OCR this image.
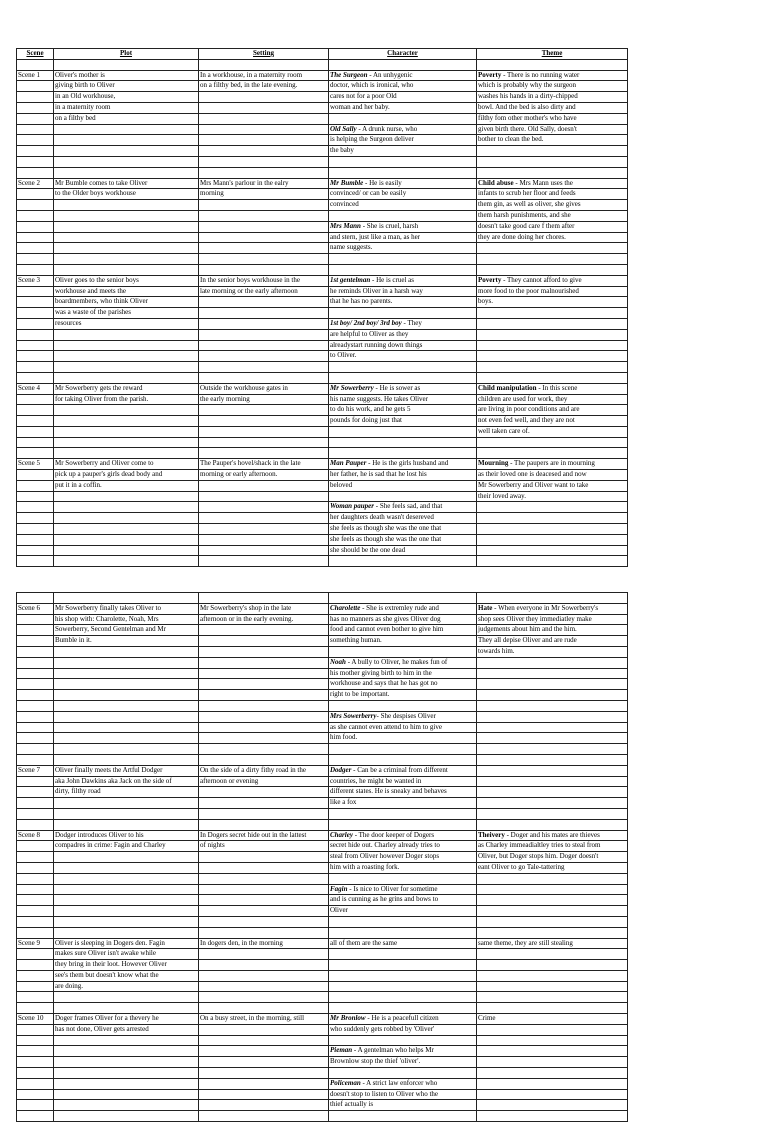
Scene	Plot	Setting	Character	Theme

Scene 1	Oliver's mother is	In a workhouse, in a maternity room	The Surgeon - An unhygenic	Poverty - There is no running water
	giving birth to Oliver	on a filthy bed, in the late evening.	doctor, which is ironical, who	which is probably why the surgeon
	in an Old workhouse,		cares not for a poor Old	washes his hands in a dirty-chipped
	in a maternity room		woman and her baby.	bowl. And the bed is also dirty and
	on a filthy bed			filthy fom other mother's who have
			Old Sally - A drunk nurse, who	given birth there. Old Sally, doesn't
			is helping the Surgeon deliver	bother to clean the bed.
			the baby	

Scene 2	Mr Bumble comes to take Oliver	Mrs Mann's parlour in the ealry	Mr Bumble - He is easily	Child abuse - Mrs Mann uses the
	to the Older boys workhouse	morning	convinced/ or can be easily	infants to scrub her floor and feeds
			convinced	them gin, as well as oliver, she gives
				them harsh punishments, and she
			Mrs Mann - She is cruel, harsh	doesn't take good care f them after
			and stern, just like a man, as her	they are done doing her chores.
			name suggests.	

Scene 3	Oliver goes to the senior boys	In the senior boys workhouse in the	1st gentelman - He is cruel as	Poverty - They cannot afford to give
	workhouse and meets the	late morning or the early afternoon	he reminds Oliver in a harsh way	more food to the poor malnourished
	boardmembers, who think Oliver		that he has no parents.	boys.
	was a waste of the parishes			
	resources		1st boy/ 2nd boy/ 3rd boy - They	
			are helpful to Oliver as they	
			alreadystart running down things	
			to Oliver.	

Scene 4	Mr Sowerberry gets the reward	Outside the workhouse gates in	Mr Sowerberry - He is sower as	Child manipulation - In this scene
	for taking Oliver from the parish.	the early morning	his name suggests. He takes Oliver	children are used for work, they
			to do his work, and he gets 5	are living in poor conditions and are
			pounds for doing just that	not even fed well, and they are not
				well taken care of.

Scene 5	Mr Sowerberry and Oliver come to	The Pauper's hovel/shack in the late	Man Pauper - He is the girls husband and	Mourning - The paupers are in mourning
	pick up a pauper's girls dead body and	morning or early afternoon.	her father, he is sad that he lost his	as their loved one is deacesed and now
	put it in a coffin.		beloved	Mr Sowerberry and Oliver want to take
				their loved away.
			Woman pauper - She feels sad, and that	
			her daughters death wasn't desereved	
			she feels as though she was the one that	
			she feels as though she was the one that	
			she should be the one dead	

Scene 6	Mr Sowerberry finally takes Oliver to	Mr Sowerberry's shop in the late	Charolette - She is extremley rude and	Hate - When everyone in Mr Sowerberry's
	his shop with: Charolette, Noah, Mrs	afternoon or in the early evening.	has no manners as she gives Oliver dog	shop sees Oliver they immediatley make
	Sowerberry, Second Gentelman and Mr		food and cannot even bother to give him	judgements about him and the him.
	Bumble in it.		something human.	They all depise Oliver and are rude
				towards him.
			Noah - A bully to Oliver, he makes fun of	
			his mother giving birth to him in the	
			workhouse and says that he has got no	
			right to be important.	

			Mrs Sowerberry- She despises Oliver	
			as she cannot even attend to him to give	
			him food.	

Scene 7	Oliver finally meets the Artful Dodger	On the side of a dirty fithy road in the	Dodger - Can be a criminal from different	
	aka John Dawkins aka Jack on the side of	afternoon or evening	countries, he might be wanted in	
	dirty, filthy road		different states. He is sneaky and behaves	
			like a fox	

Scene 8	Dodger introduces Oliver to his	In Dogers secret hide out in the lattest	Charley - The door keeper of Dogers	Theivery - Doger and his mates are thieves
	compadres in crime: Fagin and Charley	of nights	secret hide out. Charley already tries to	as Charley immeadialtley tries to steal from
			steal from Oliver however Doger stops	Oliver, but Doger stops him. Doger doesn't
			him with a roasting fork.	eant Oliver to go Tale-tattering

			Fagin - Is nice to Oliver for sometime	
			and is cunning as he grins and bows to	
			Oliver	

Scene 9	Oliver is sleeping in Dogers den. Fagin	In dogers den, in the morning	all of them are the same	same theme, they are still stealing
	makes sure Oliver isn't awake while			
	they bring in their loot. However Oliver			
	see's them but doesn't know what the			
	are doing.			

Scene 10	Doger frames Oliver for a thevery he	On a busy street, in the morning, still	Mr Bronlow - He is a peacefull citizen	Crime
	has not done, Oliver gets arrested		who suddenly gets robbed by 'Oliver'	

			Pieman - A gentelman who helps Mr	
			Brownlow stop the thief 'oliver'.	

			Policeman - A strict law enforcer who	
			doesn't stop to listen to Oliver who the	
			thief actually is	
